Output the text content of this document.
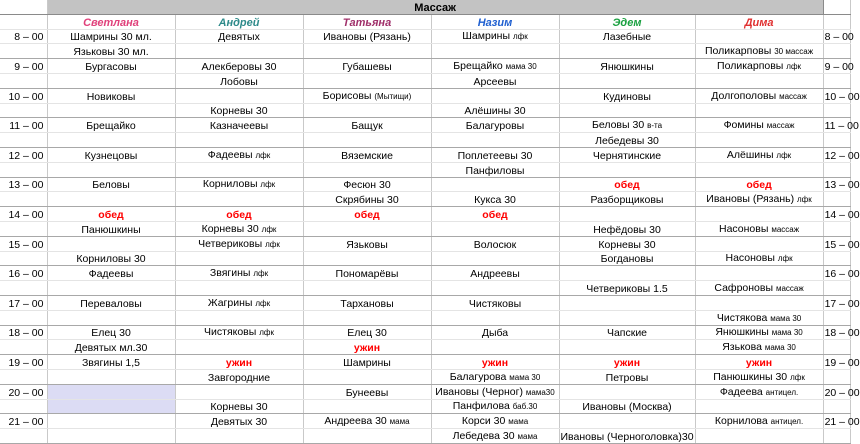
	Массаж						
	Светлана	Андрей	Татьяна	Назим	Эдем	Дима	
8 – 00	Шамрины 30 мл.	Девятых	Ивановы (Рязань)	Шамрины лфк	Лазебные		8 – 00
	Язьковы 30 мл.					Поликарповы 30 массаж	
9 – 00	Бургасовы	Алекберовы 30	Губашевы	Брещайко мама 30	Янюшкины	Поликарповы лфк	9 – 00
		Лобовы		Арсеевы			
10 – 00	Новиковы		Борисовы (Мытищи)		Кудиновы	Долгополовы массаж	10 – 00
		Корневы 30		Алёшины 30			
11 – 00	Брещайко	Казначеевы	Бащук	Балагуровы	Беловы 30 в-та	Фомины массаж	11 – 00
					Лебедевы 30		
12 – 00	Кузнецовы	Фадеевы лфк	Вяземские	Поплетеевы 30	Чернятинские	Алёшины лфк	12 – 00
				Панфиловы			
13 – 00	Беловы	Корниловы лфк	Фесюн 30		обед	обед	13 – 00
			Скрябины 30	Кукса 30	Разборщиковы	Ивановы (Рязань) лфк	
14 – 00	обед	обед	обед	обед			14 – 00
	Панюшкины	Корневы 30 лфк			Нефёдовы 30	Насоновы массаж	
15 – 00		Четвериковы лфк	Язьковы	Волосюк	Корневы 30		15 – 00
	Корниловы 30				Богдановы	Насоновы лфк	
16 – 00	Фадеевы	Звягины лфк	Пономарёвы	Андреевы			16 – 00
					Четвериковы 1.5	Сафроновы массаж	
17 – 00	Переваловы	Жагрины лфк	Тархановы	Чистяковы			17 – 00
						Чистякова мама 30	
18 – 00	Елец 30	Чистяковы лфк	Елец 30	Дыба	Чапские	Янюшкины мама 30	18 – 00
	Девятых мл.30		ужин			Язькова мама 30	
19 – 00	Звягины 1,5	ужин	Шамрины	ужин	ужин	ужин	19 – 00
		Завгородние		Балагурова мама 30	Петровы	Панюшкины 30 лфк	
20 – 00			Бунеевы	Ивановы (Черног) мама30		Фадеева антицел.	20 – 00
		Корневы 30		Панфилова баб.30	Ивановы (Москва)		
21 – 00		Девятых 30	Андреева 30 мама	Корси 30 мама		Корнилова антицел.	21 – 00
				Лебедева 30 мама	Ивановы (Черноголовка)30		
